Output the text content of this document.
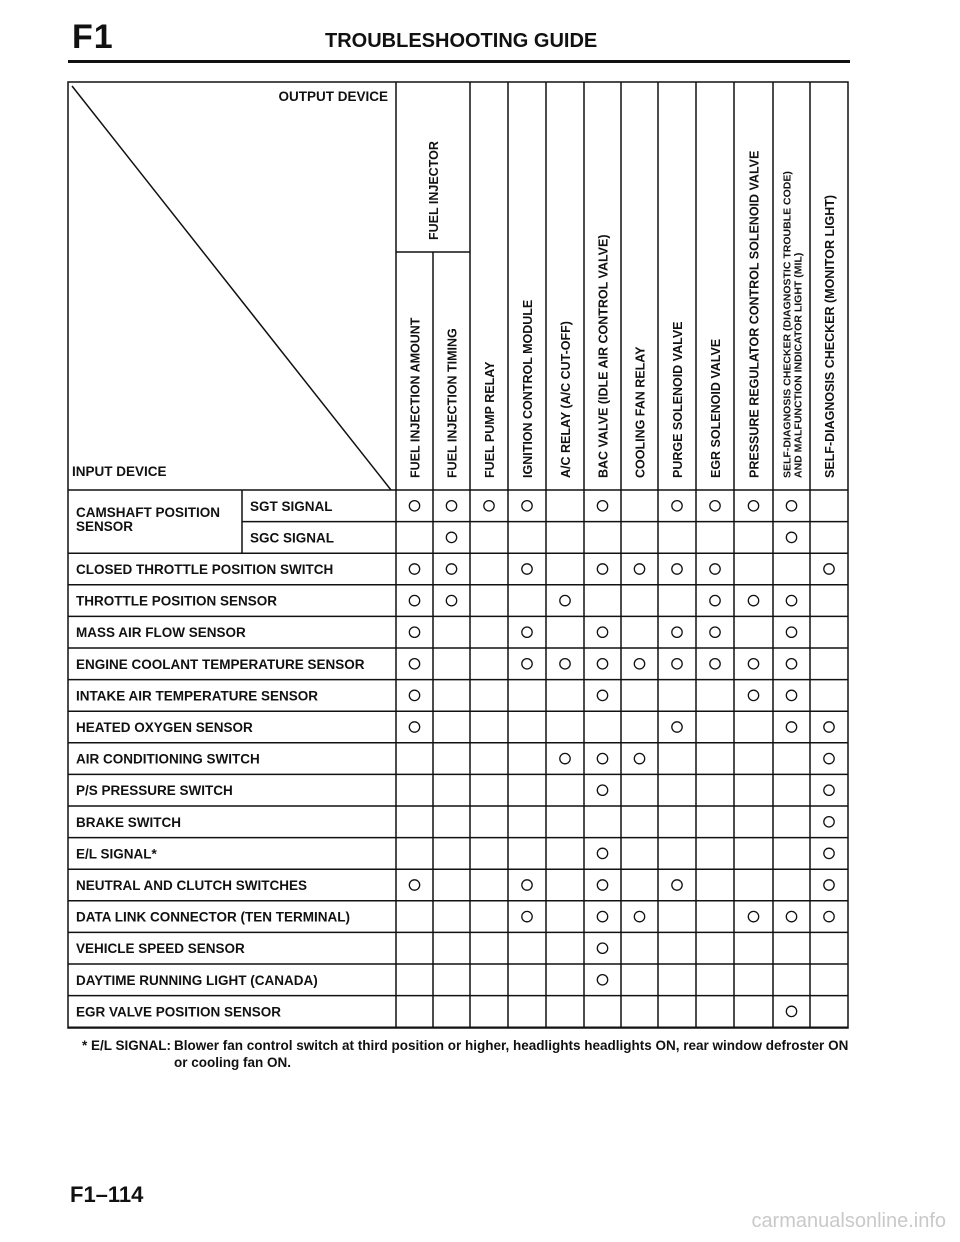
F1	TROUBLESHOOTING GUIDE
OUTPUT DEVICE
INPUT DEVICE
FUEL INJECTOR
FUEL INJECTION AMOUNT FUEL INJECTION TIMING FUEL PUMP RELAY IGNITION CONTROL MODULE A/C RELAY (A/C CUT-OFF) BAC VALVE (IDLE AIR CONTROL VALVE) COOLING FAN RELAY PURGE SOLENOID VALVE EGR SOLENOID VALVE PRESSURE REGULATOR CONTROL SOLENOID VALVE SELF-DIAGNOSIS CHECKER (DIAGNOSTIC TROUBLE CODE) AND MALFUNCTION INDICATOR LIGHT (MIL) SELF-DIAGNOSIS CHECKER (MONITOR LIGHT)
CAMSHAFT POSITION
SENSOR
SGT SIGNAL
SGC SIGNAL
CLOSED THROTTLE POSITION SWITCH
THROTTLE POSITION SENSOR
MASS AIR FLOW SENSOR
ENGINE COOLANT TEMPERATURE SENSOR
INTAKE AIR TEMPERATURE SENSOR
HEATED OXYGEN SENSOR
AIR CONDITIONING SWITCH
P/S PRESSURE SWITCH
BRAKE SWITCH
E/L SIGNAL*
NEUTRAL AND CLUTCH SWITCHES
DATA LINK CONNECTOR (TEN TERMINAL)
VEHICLE SPEED SENSOR
DAYTIME RUNNING LIGHT (CANADA)
EGR VALVE POSITION SENSOR
* E/L SIGNAL: Blower fan control switch at third position or higher, headlights headlights ON, rear window defroster ON or cooling fan ON.
F1–114
carmanualsonline.info
